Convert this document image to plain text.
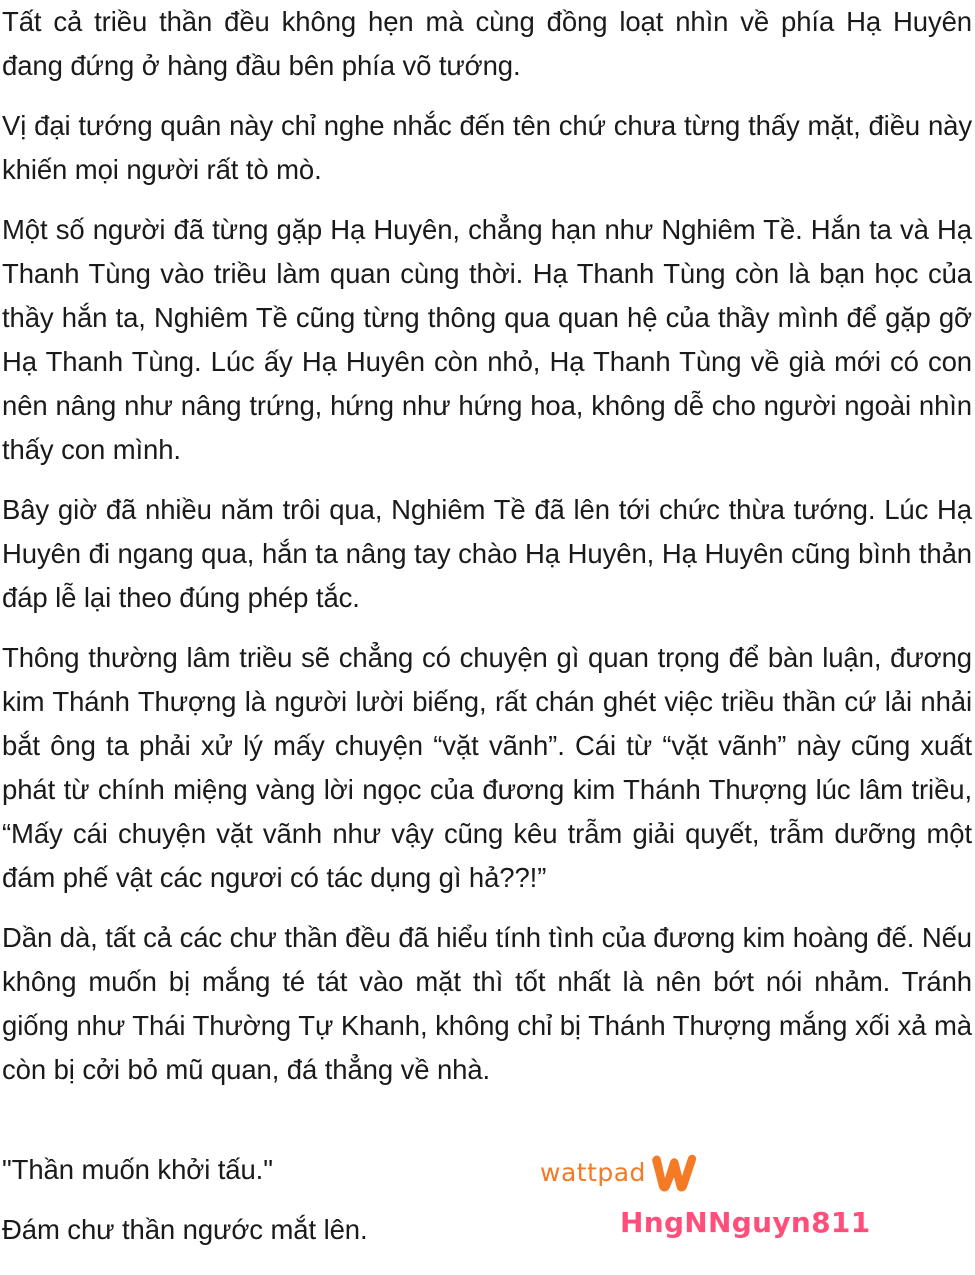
Tất cả triều thần đều không hẹn mà cùng đồng loạt nhìn về phía Hạ Huyên đang đứng ở hàng đầu bên phía võ tướng.

Vị đại tướng quân này chỉ nghe nhắc đến tên chứ chưa từng thấy mặt, điều này khiến mọi người rất tò mò.

Một số người đã từng gặp Hạ Huyên, chẳng hạn như Nghiêm Tề. Hắn ta và Hạ Thanh Tùng vào triều làm quan cùng thời. Hạ Thanh Tùng còn là bạn học của thầy hắn ta, Nghiêm Tề cũng từng thông qua quan hệ của thầy mình để gặp gỡ Hạ Thanh Tùng. Lúc ấy Hạ Huyên còn nhỏ, Hạ Thanh Tùng về già mới có con nên nâng như nâng trứng, hứng như hứng hoa, không dễ cho người ngoài nhìn thấy con mình.

Bây giờ đã nhiều năm trôi qua, Nghiêm Tề đã lên tới chức thừa tướng. Lúc Hạ Huyên đi ngang qua, hắn ta nâng tay chào Hạ Huyên, Hạ Huyên cũng bình thản đáp lễ lại theo đúng phép tắc.

Thông thường lâm triều sẽ chẳng có chuyện gì quan trọng để bàn luận, đương kim Thánh Thượng là người lười biếng, rất chán ghét việc triều thần cứ lải nhải bắt ông ta phải xử lý mấy chuyện “vặt vãnh”. Cái từ “vặt vãnh” này cũng xuất phát từ chính miệng vàng lời ngọc của đương kim Thánh Thượng lúc lâm triều, “Mấy cái chuyện vặt vãnh như vậy cũng kêu trẫm giải quyết, trẫm dưỡng một đám phế vật các ngươi có tác dụng gì hả??!”

Dần dà, tất cả các chư thần đều đã hiểu tính tình của đương kim hoàng đế. Nếu không muốn bị mắng té tát vào mặt thì tốt nhất là nên bớt nói nhảm. Tránh giống như Thái Thường Tự Khanh, không chỉ bị Thánh Thượng mắng xối xả mà còn bị cởi bỏ mũ quan, đá thẳng về nhà.

"Thần muốn khởi tấu."

Đám chư thần ngước mắt lên.

wattpad
HngNNguyn811
